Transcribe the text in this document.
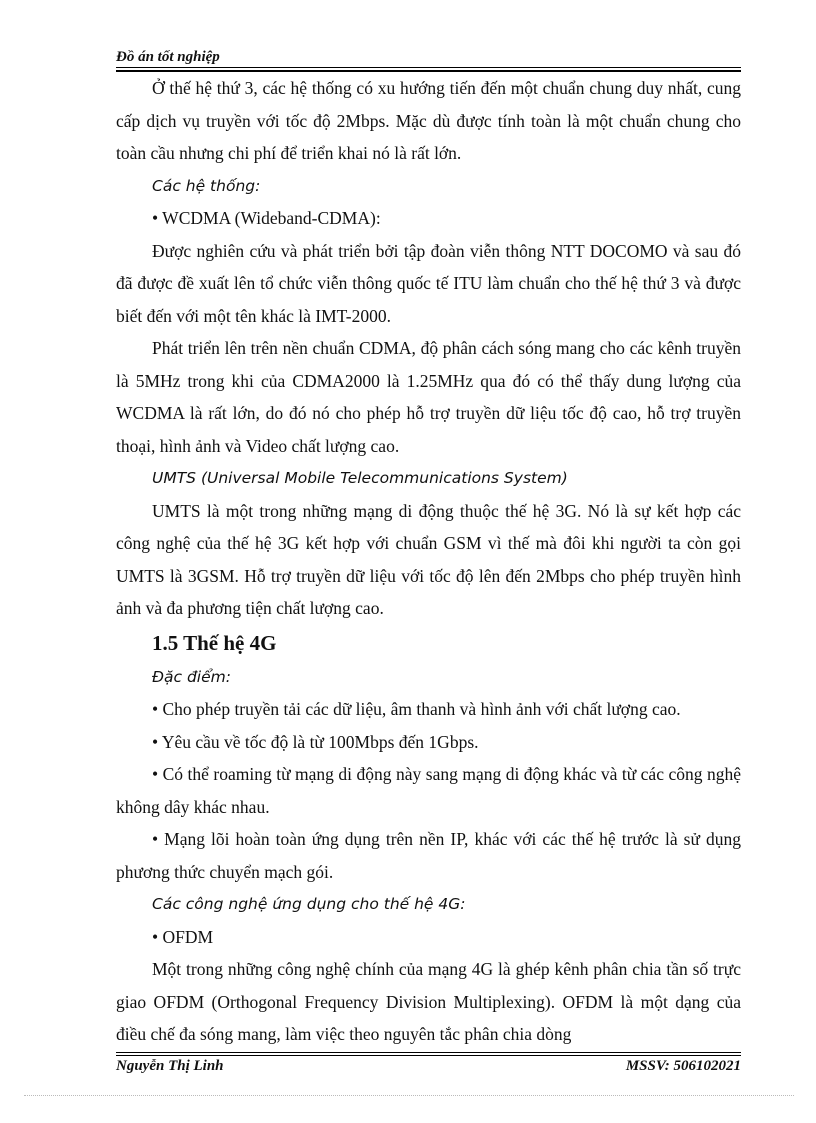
Đồ án tốt nghiệp

Ở thế hệ thứ 3, các hệ thống có xu hướng tiến đến một chuẩn chung duy nhất, cung cấp dịch vụ truyền với tốc độ 2Mbps. Mặc dù được tính toàn là một chuẩn chung cho toàn cầu nhưng chi phí để triển khai nó là rất lớn.

Các hệ thống:

• WCDMA (Wideband-CDMA):

Được nghiên cứu và phát triển bởi tập đoàn viễn thông NTT DOCOMO và sau đó đã được đề xuất lên tổ chức viễn thông quốc tế ITU làm chuẩn cho thế hệ thứ 3 và được biết đến với một tên khác là IMT-2000.

Phát triển lên trên nền chuẩn CDMA, độ phân cách sóng mang cho các kênh truyền là 5MHz trong khi của CDMA2000 là 1.25MHz qua đó có thể thấy dung lượng của WCDMA là rất lớn, do đó nó cho phép hỗ trợ truyền dữ liệu tốc độ cao, hỗ trợ truyền thoại, hình ảnh và Video chất lượng cao.

UMTS (Universal Mobile Telecommunications System)

UMTS là một trong những mạng di động thuộc thế hệ 3G. Nó là sự kết hợp các công nghệ của thế hệ 3G kết hợp với chuẩn GSM vì thế mà đôi khi người ta còn gọi UMTS là 3GSM. Hỗ trợ truyền dữ liệu với tốc độ lên đến 2Mbps cho phép truyền hình ảnh và đa phương tiện chất lượng cao.

1.5 Thế hệ 4G

Đặc điểm:

• Cho phép truyền tải các dữ liệu, âm thanh và hình ảnh với chất lượng cao.

• Yêu cầu về tốc độ là từ 100Mbps đến 1Gbps.

• Có thể roaming từ mạng di động này sang mạng di động khác và từ các công nghệ không dây khác nhau.

• Mạng lõi hoàn toàn ứng dụng trên nền IP, khác với các thế hệ trước là sử dụng phương thức chuyển mạch gói.

Các công nghệ ứng dụng cho thế hệ 4G:

• OFDM

Một trong những công nghệ chính của mạng 4G là ghép kênh phân chia tần số trực giao OFDM (Orthogonal Frequency Division Multiplexing). OFDM là một dạng của điều chế đa sóng mang, làm việc theo nguyên tắc phân chia dòng

Nguyễn Thị Linh	MSSV: 506102021
